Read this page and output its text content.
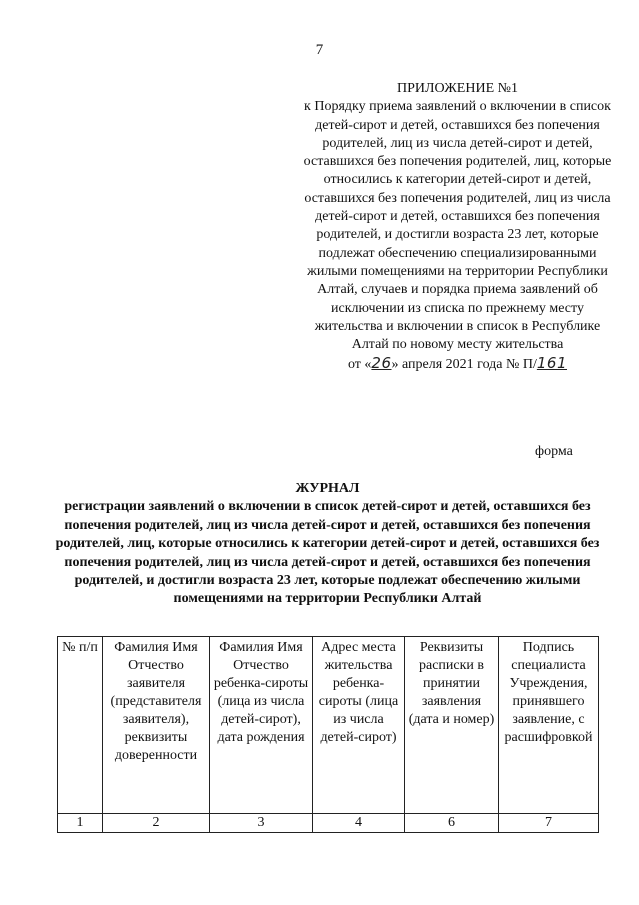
7
ПРИЛОЖЕНИЕ №1
к Порядку приема заявлений о включении в список детей-сирот и детей, оставшихся без попечения родителей, лиц из числа детей-сирот и детей, оставшихся без попечения родителей, лиц, которые относились к категории детей-сирот и детей, оставшихся без попечения родителей, лиц из числа детей-сирот и детей, оставшихся без попечения родителей, и достигли возраста 23 лет, которые подлежат обеспечению специализированными жилыми помещениями на территории Республики Алтай, случаев и порядка приема заявлений об исключении из списка по прежнему месту жительства и включении в список в Республике Алтай по новому месту жительства
от «26» апреля 2021 года № П/161
форма
ЖУРНАЛ
регистрации заявлений о включении в список детей-сирот и детей, оставшихся без попечения родителей, лиц из числа детей-сирот и детей, оставшихся без попечения родителей, лиц, которые относились к категории детей-сирот и детей, оставшихся без попечения родителей, лиц из числа детей-сирот и детей, оставшихся без попечения родителей, и достигли возраста 23 лет, которые подлежат обеспечению жилыми помещениями на территории Республики Алтай
№ п/п	Фамилия Имя Отчество заявителя (представителя заявителя), реквизиты доверенности	Фамилия Имя Отчество ребенка-сироты (лица из числа детей-сирот), дата рождения	Адрес места жительства ребенка-сироты (лица из числа детей-сирот)	Реквизиты расписки в принятии заявления (дата и номер)	Подпись специалиста Учреждения, принявшего заявление, с расшифровкой
1	2	3	4	6	7
